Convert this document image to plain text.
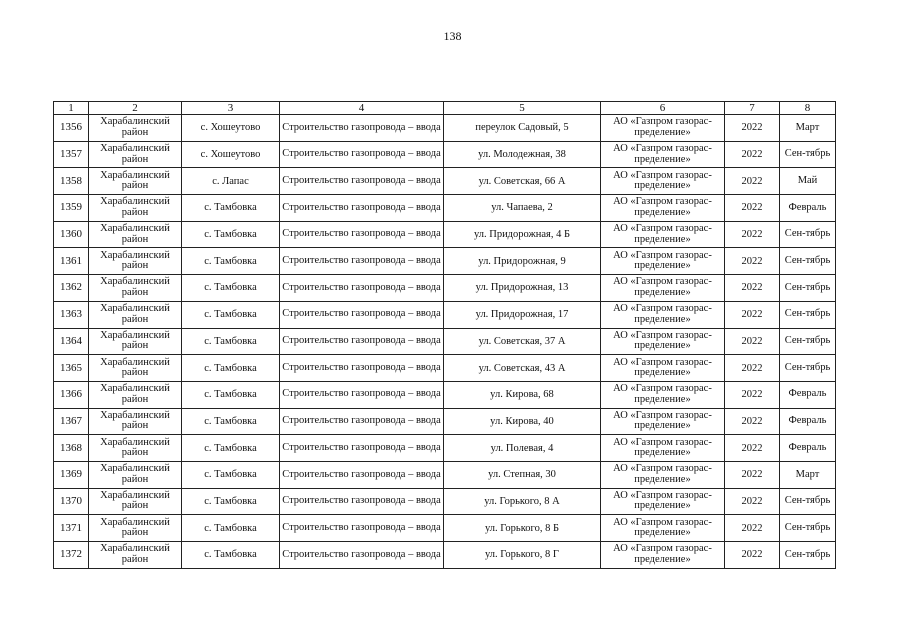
138
1	2	3	4	5	6	7	8
1356	Харабалинский район	с. Хошеутово	Строительство газопровода – ввода	переулок Садовый, 5	АО «Газпром газорас-пределение»	2022	Март
1357	Харабалинский район	с. Хошеутово	Строительство газопровода – ввода	ул. Молодежная, 38	АО «Газпром газорас-пределение»	2022	Сен-тябрь
1358	Харабалинский район	с. Лапас	Строительство газопровода – ввода	ул. Советская, 66 А	АО «Газпром газорас-пределение»	2022	Май
1359	Харабалинский район	с. Тамбовка	Строительство газопровода – ввода	ул. Чапаева, 2	АО «Газпром газорас-пределение»	2022	Февраль
1360	Харабалинский район	с. Тамбовка	Строительство газопровода – ввода	ул. Придорожная, 4 Б	АО «Газпром газорас-пределение»	2022	Сен-тябрь
1361	Харабалинский район	с. Тамбовка	Строительство газопровода – ввода	ул. Придорожная, 9	АО «Газпром газорас-пределение»	2022	Сен-тябрь
1362	Харабалинский район	с. Тамбовка	Строительство газопровода – ввода	ул. Придорожная, 13	АО «Газпром газорас-пределение»	2022	Сен-тябрь
1363	Харабалинский район	с. Тамбовка	Строительство газопровода – ввода	ул. Придорожная, 17	АО «Газпром газорас-пределение»	2022	Сен-тябрь
1364	Харабалинский район	с. Тамбовка	Строительство газопровода – ввода	ул. Советская, 37 А	АО «Газпром газорас-пределение»	2022	Сен-тябрь
1365	Харабалинский район	с. Тамбовка	Строительство газопровода – ввода	ул. Советская, 43 А	АО «Газпром газорас-пределение»	2022	Сен-тябрь
1366	Харабалинский район	с. Тамбовка	Строительство газопровода – ввода	ул. Кирова, 68	АО «Газпром газорас-пределение»	2022	Февраль
1367	Харабалинский район	с. Тамбовка	Строительство газопровода – ввода	ул. Кирова, 40	АО «Газпром газорас-пределение»	2022	Февраль
1368	Харабалинский район	с. Тамбовка	Строительство газопровода – ввода	ул. Полевая, 4	АО «Газпром газорас-пределение»	2022	Февраль
1369	Харабалинский район	с. Тамбовка	Строительство газопровода – ввода	ул. Степная, 30	АО «Газпром газорас-пределение»	2022	Март
1370	Харабалинский район	с. Тамбовка	Строительство газопровода – ввода	ул. Горького, 8 А	АО «Газпром газорас-пределение»	2022	Сен-тябрь
1371	Харабалинский район	с. Тамбовка	Строительство газопровода – ввода	ул. Горького, 8 Б	АО «Газпром газорас-пределение»	2022	Сен-тябрь
1372	Харабалинский район	с. Тамбовка	Строительство газопровода – ввода	ул. Горького, 8 Г	АО «Газпром газорас-пределение»	2022	Сен-тябрь
